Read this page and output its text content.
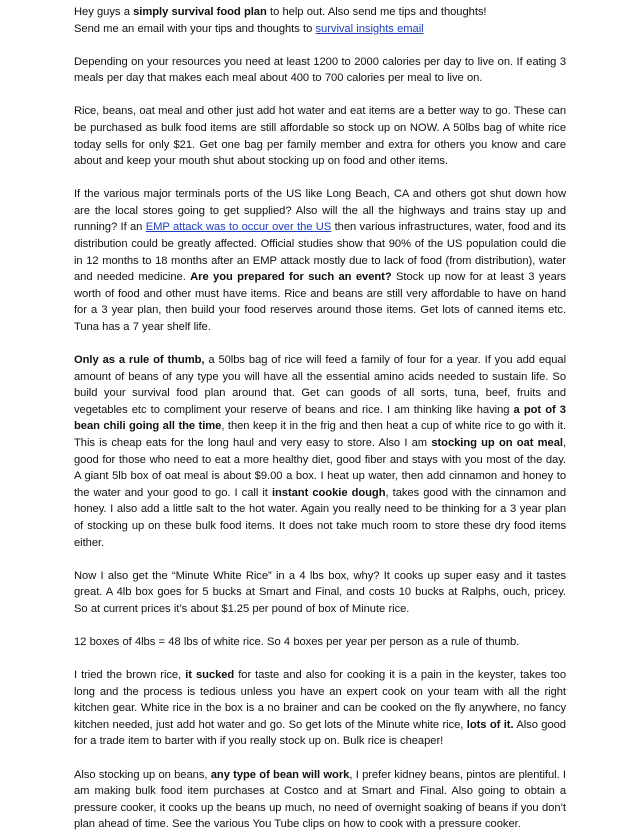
Hey guys a simply survival food plan to help out. Also send me tips and thoughts!
Send me an email with your tips and thoughts to survival insights email

Depending on your resources you need at least 1200 to 2000 calories per day to live on. If eating 3 meals per day that makes each meal about 400 to 700 calories per meal to live on.

Rice, beans, oat meal and other just add hot water and eat items are a better way to go. These can be purchased as bulk food items are still affordable so stock up on NOW. A 50lbs bag of white rice today sells for only $21. Get one bag per family member and extra for others you know and care about and keep your mouth shut about stocking up on food and other items.

If the various major terminals ports of the US like Long Beach, CA and others got shut down how are the local stores going to get supplied? Also will the all the highways and trains stay up and running? If an EMP attack was to occur over the US then various infrastructures, water, food and its distribution could be greatly affected. Official studies show that 90% of the US population could die in 12 months to 18 months after an EMP attack mostly due to lack of food (from distribution), water and needed medicine. Are you prepared for such an event? Stock up now for at least 3 years worth of food and other must have items. Rice and beans are still very affordable to have on hand for a 3 year plan, then build your food reserves around those items. Get lots of canned items etc. Tuna has a 7 year shelf life.

Only as a rule of thumb, a 50lbs bag of rice will feed a family of four for a year. If you add equal amount of beans of any type you will have all the essential amino acids needed to sustain life. So build your survival food plan around that. Get can goods of all sorts, tuna, beef, fruits and vegetables etc to compliment your reserve of beans and rice. I am thinking like having a pot of 3 bean chili going all the time, then keep it in the frig and then heat a cup of white rice to go with it. This is cheap eats for the long haul and very easy to store. Also I am stocking up on oat meal, good for those who need to eat a more healthy diet, good fiber and stays with you most of the day. A giant 5lb box of oat meal is about $9.00 a box. I heat up water, then add cinnamon and honey to the water and your good to go. I call it instant cookie dough, takes good with the cinnamon and honey. I also add a little salt to the hot water. Again you really need to be thinking for a 3 year plan of stocking up on these bulk food items. It does not take much room to store these dry food items either.

Now I also get the “Minute White Rice” in a 4 lbs box, why? It cooks up super easy and it tastes great. A 4lb box goes for 5 bucks at Smart and Final, and costs 10 bucks at Ralphs, ouch, pricey. So at current prices it’s about $1.25 per pound of box of Minute rice.

12 boxes of 4lbs = 48 lbs of white rice. So 4 boxes per year per person as a rule of thumb.

I tried the brown rice, it sucked for taste and also for cooking it is a pain in the keyster, takes too long and the process is tedious unless you have an expert cook on your team with all the right kitchen gear. White rice in the box is a no brainer and can be cooked on the fly anywhere, no fancy kitchen needed, just add hot water and go. So get lots of the Minute white rice, lots of it. Also good for a trade item to barter with if you really stock up on. Bulk rice is cheaper!

Also stocking up on beans, any type of bean will work, I prefer kidney beans, pintos are plentiful. I am making bulk food item purchases at Costco and at Smart and Final. Also going to obtain a pressure cooker, it cooks up the beans up much, no need of overnight soaking of beans if you don’t plan ahead of time. See the various You Tube clips on how to cook with a pressure cooker.
